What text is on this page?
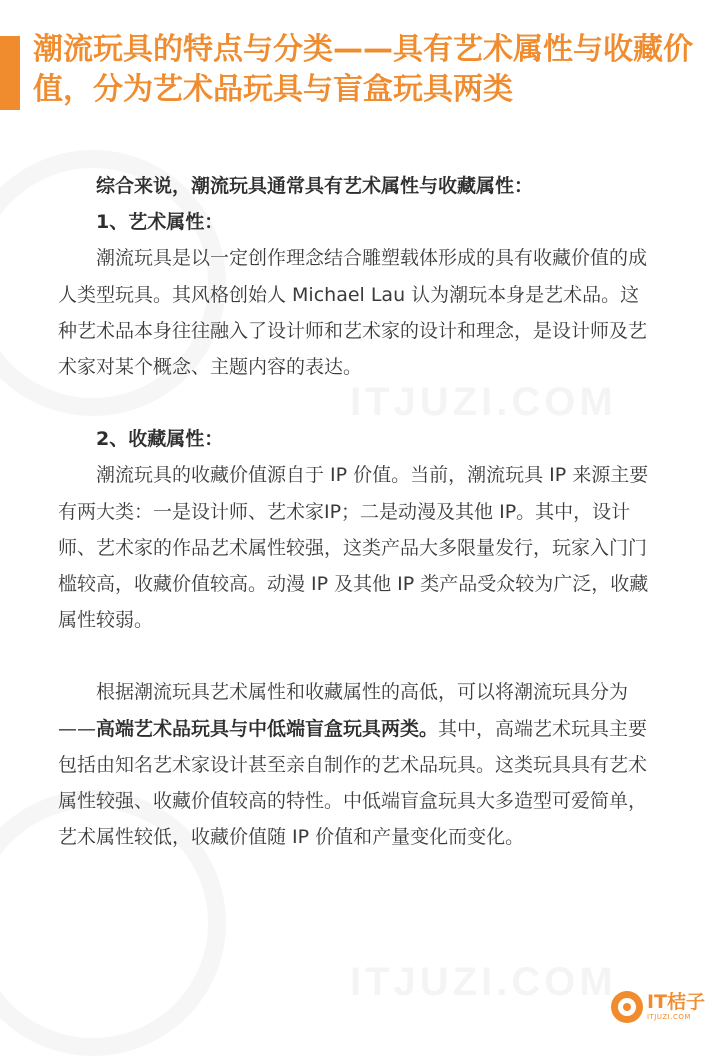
潮流玩具的特点与分类——具有艺术属性与收藏价值，分为艺术品玩具与盲盒玩具两类

综合来说，潮流玩具通常具有艺术属性与收藏属性：

1、艺术属性：

潮流玩具是以一定创作理念结合雕塑载体形成的具有收藏价值的成人类型玩具。其风格创始人 Michael Lau 认为潮玩本身是艺术品。这种艺术品本身往往融入了设计师和艺术家的设计和理念，是设计师及艺术家对某个概念、主题内容的表达。

2、收藏属性：

潮流玩具的收藏价值源自于 IP 价值。当前，潮流玩具 IP 来源主要有两大类：一是设计师、艺术家IP；二是动漫及其他 IP。其中，设计师、艺术家的作品艺术属性较强，这类产品大多限量发行，玩家入门门槛较高，收藏价值较高。动漫 IP 及其他 IP 类产品受众较为广泛，收藏属性较弱。

根据潮流玩具艺术属性和收藏属性的高低，可以将潮流玩具分为——高端艺术品玩具与中低端盲盒玩具两类。其中，高端艺术玩具主要包括由知名艺术家设计甚至亲自制作的艺术品玩具。这类玩具具有艺术属性较强、收藏价值较高的特性。中低端盲盒玩具大多造型可爱简单，艺术属性较低，收藏价值随 IP 价值和产量变化而变化。

IT桔子
ITJUZI.COM
